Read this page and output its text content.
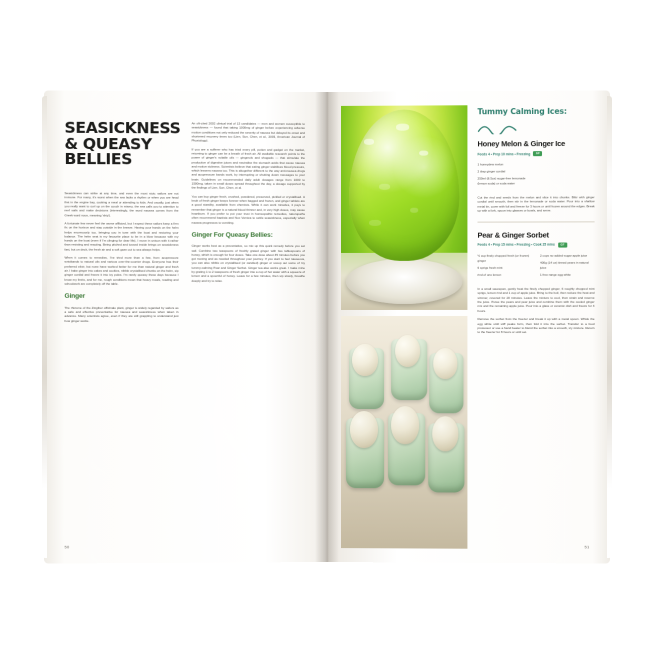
SEASICKNESS & QUEASY BELLIES

Seasickness can strike at any time, and even the most stoic sailors are not immune. For many, it's worst when the sea lacks a rhythm or when you are head first in the engine bay, cooking a meal or attending to kids. And usually, just when you really want to curl up on the couch in misery, the sea calls you to attention to reef sails and make decisions (interestingly, the word nausea comes from the Greek word nous, meaning 'ship').

A fortunate few never feel the worse afflicted, but I expect these sailors keep a firm fix on the horizon and stay outside in the breeze. Having your hands on the helm helps enormously too, bringing you in tune with the boat and restoring your balance. The helm seat is my favourite place to be in a blow because with my hands on the boat (even if I'm clinging for dear life), I move in unison with it rather than resisting and reacting. Being pitched and tossed inside brings on seasickness fast, but on deck, the fresh air and a soft gaze out to sea always helps.

When it comes to remedies, I've tried more than a few, from acupressure wristbands to natural oils and various over-the-counter drugs. Everyone has their preferred elixir, but none have worked better for me than natural ginger and fresh air. I bake ginger into cakes and cookies, nibble crystallised chunks on the helm, sip ginger cordial and freeze it into icy poles. I'm rarely queasy these days because I know my limits, and for me, rough conditions mean that heavy meals, reading and schoolwork are completely off the table.

Ginger

The rhizome of the Zingiber officinale plant, ginger is widely regarded by sailors as a safe and effective preventative for nausea and seasickness when taken in advance. Many scientists agree, even if they are still grappling to understand just how ginger works.

An oft-cited 2002 clinical trial of 13 candidates — men and women susceptible to seasickness — found that taking 1000mg of ginger before experiencing adverse motion conditions not only reduced the severity of nausea but delayed its onset and shortened recovery times too (Lien, Sun, Chen, et al., 2003, American Journal of Physiology).

If you are a sufferer who has tried every pill, potion and gadget on the market, returning to ginger can be a breath of fresh air. All available research points to the power of ginger's volatile oils — gingerols and shogaols — that stimulate the production of digestive juices and neutralise the stomach acids that cause nausea and motion sickness. Scientists believe that eating ginger stabilises blood pressure, which lessens nausea too. This is altogether different to the way anti-nausea drugs and acupressure bands work, by interrupting or shutting down messages to your brain. Guidelines on recommended daily adult dosages range from 1000 to 1500mg, taken in small doses spread throughout the day, a dosage supported by the findings of Lien, Sun, Chen, et al.

You can buy ginger fresh, crushed, powdered, preserved, pickled or crystallised. A knob of fresh ginger keeps forever when bagged and frozen, and ginger tablets are a good standby, available from chemists. While it can work miracles, it pays to remember that ginger is a natural blood thinner and, in very high doses, may cause heartburn. If you prefer to put your trust in homeopathic remedies, naturopaths often recommend baptisia and Nux Vomica to settle seasickness, especially when nausea progresses to vomiting.

Ginger For Queasy Bellies:

Ginger works best as a preventative, so mix up this quick remedy before you set sail. Combine two teaspoons of freshly grated ginger with two tablespoons of honey, which is enough for four doses. Take one dose about 45 minutes before you get moving and as needed throughout your journey. If you start to feel nauseous, you can also nibble on crystallised (or candied) ginger or scoop out some of my tummy-calming Pear and Ginger Sorbet. Ginger tea also works great. I make mine by grating 1 to 2 teaspoons of fresh ginger into a cup of hot water with a squeeze of lemon and a spoonful of honey. Leave for a few minutes, then sip slowly, breathe deeply and try to relax.

50
Tummy Calming Ices:
Honey Melon & Ginger Ice
Feeds 4 • Prep 10 mins • Freezing	GF
1 honeydew melon
2 tbsp ginger cordial
250ml (8.5oz) sugar-free lemonade (lemon soda) or soda water

Cut the rind and seeds from the melon and slice it into chunks. Blitz with ginger cordial until smooth, then stir in the lemonade or soda water. Pour into a shallow metal tin, cover with foil and freeze for 3 hours or until frozen around the edges. Break up with a fork, spoon into glasses or bowls, and serve.

Pear & Ginger Sorbet
Feeds 4 • Prep 15 mins • Freezing • Cook 25 mins	GF
½ cup finely chopped fresh (or frozen) ginger
6 sprigs fresh mint
rind of one lemon
2 cups no-added-sugar apple juice
400g (14 oz) tinned pears in natural juice
1 free-range egg white

In a small saucepan, gently heat the finely chopped ginger, 6 roughly chopped mint sprigs, lemon rind and 1 cup of apple juice. Bring to the boil, then reduce the heat and simmer, covered for 20 minutes. Leave the mixture to cool, then strain and reserve the juice. Puree the pears and pear juice and combine them with the cooled ginger mix and the remaining apple juice. Pour into a glass or ceramic dish and freeze for 4 hours.

Remove the sorbet from the freezer and break it up with a metal spoon. Whisk the egg white until stiff peaks form, then fold it into the sorbet. Transfer to a food processor or use a hand beater to blend the sorbet into a smooth, icy mixture. Return to the freezer for 8 hours or until set.

51
